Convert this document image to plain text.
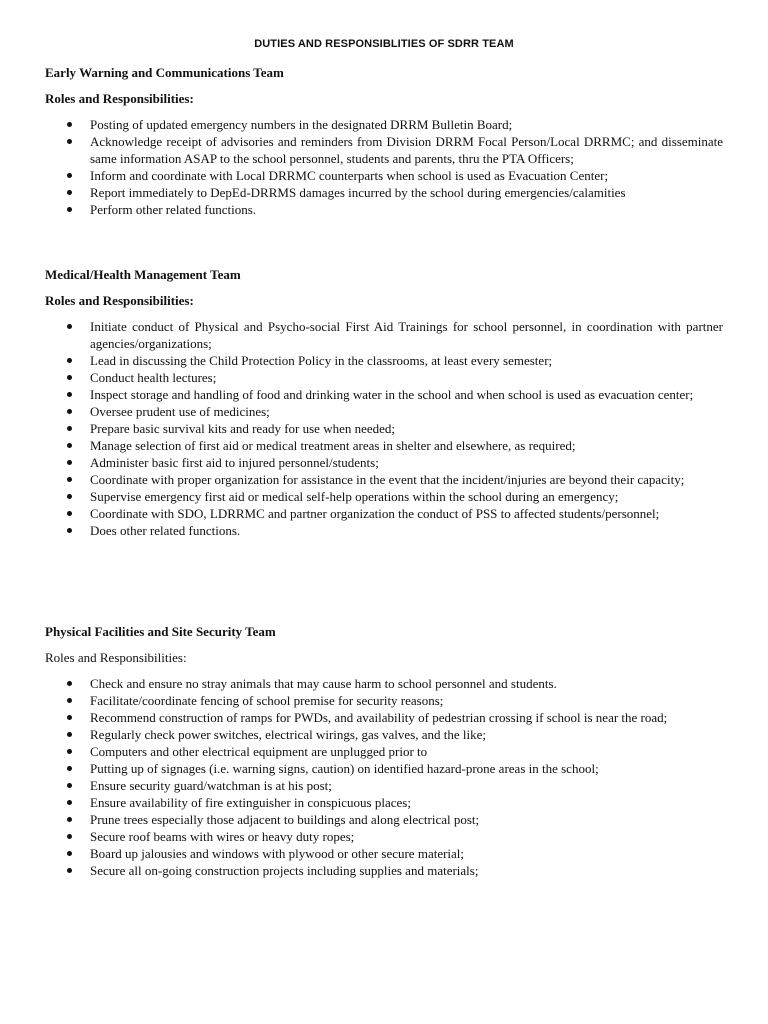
DUTIES AND RESPONSIBLITIES OF SDRR TEAM
Early Warning and Communications Team
Roles and Responsibilities:
Posting of updated emergency numbers in the designated DRRM Bulletin Board;
Acknowledge receipt of advisories and reminders from Division DRRM Focal Person/Local DRRMC; and disseminate same information ASAP to the school personnel, students and parents, thru the PTA Officers;
Inform and coordinate with Local DRRMC counterparts when school is used as Evacuation Center;
Report immediately to DepEd-DRRMS damages incurred by the school during emergencies/calamities
Perform other related functions.
Medical/Health Management Team
Roles and Responsibilities:
Initiate conduct of Physical and Psycho-social First Aid Trainings for school personnel, in coordination with partner agencies/organizations;
Lead in discussing the Child Protection Policy in the classrooms, at least every semester;
Conduct health lectures;
Inspect storage and handling of food and drinking water in the school and when school is used as evacuation center;
Oversee prudent use of medicines;
Prepare basic survival kits and ready for use when needed;
Manage selection of first aid or medical treatment areas in shelter and elsewhere, as required;
Administer basic first aid to injured personnel/students;
Coordinate with proper organization for assistance in the event that the incident/injuries are beyond their capacity;
Supervise emergency first aid or medical self-help operations within the school during an emergency;
Coordinate with SDO, LDRRMC and partner organization the conduct of PSS to affected students/personnel;
Does other related functions.
Physical Facilities and Site Security Team
Roles and Responsibilities:
Check and ensure no stray animals that may cause harm to school personnel and students.
Facilitate/coordinate fencing of school premise for security reasons;
Recommend construction of ramps for PWDs, and availability of pedestrian crossing if school is near the road;
Regularly check power switches, electrical wirings, gas valves, and the like;
Computers and other electrical equipment are unplugged prior to
Putting up of signages (i.e. warning signs, caution) on identified hazard-prone areas in the school;
Ensure security guard/watchman is at his post;
Ensure availability of fire extinguisher in conspicuous places;
Prune trees especially those adjacent to buildings and along electrical post;
Secure roof beams with wires or heavy duty ropes;
Board up jalousies and windows with plywood or other secure material;
Secure all on-going construction projects including supplies and materials;
